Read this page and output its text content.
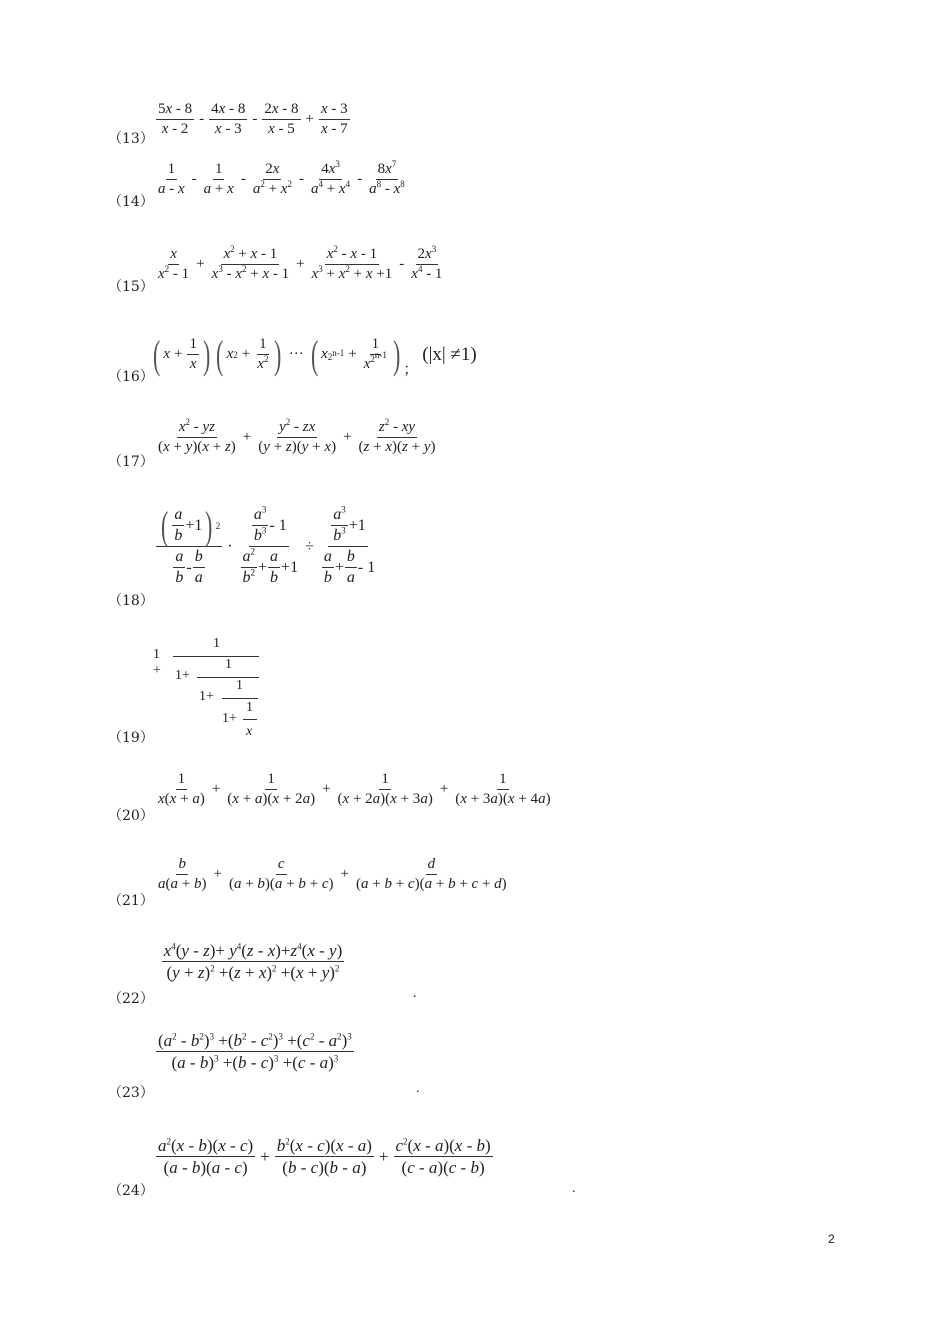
（13）
5x - 8
x - 2
-
4x - 8
x - 3
-
2x - 8
x - 5
+ $\frac{x - 3}{x - 7}$
（14）
1
a - x
-
1
a + x
-
2x
$a^2 + x^2$ -
$4x^3$
$a^4 + x^4$ -
$8x^7$
$a^8 - x^8$
（15）
x
$x^2 - 1$
+ $\frac{x^2 + x - 1}{x^3 - x^2 + x - 1} + \frac{x^2 - x - 1}{x^3 + x^2 + x +1}$ -
$2x^3$
$x^4 - 1$
（16）
( $x + \frac{1}{x}$ ) ( x $2 + \frac{1}{x^2}$ ) ··· ( x $2^{n-1} + \frac{1}{x^{2^{n-1}}}$ ) ；
(|x| ≠1)
（17）
$x^2$ - yz
(x + y)(x + z)
+ $\frac{y^2 - zx}{(y + z)(y + x)} + \frac{z^2 - xy}{(z + x)(z + y)}$
（18）
( a
b
+1 ) 2
a
b
-
b
a
· $a^3$
$b^3 - 1$
$a^2$
$b^2$ +
a
b
$+1 \div a^3$
$b^3 +1$
a
b
+
b
a
- 1
（19）
1 +
1
1+
1
1+
1
1+
1
x
（20）
1
x(x + a)
+ $\frac{1}{(x + a)(x + 2a)} + \frac{1}{(x + 2a)(x + 3a)} + \frac{1}{(x + 3a)(x + 4a)}$
（21）
b
a(a + b)
+ $\frac{c}{(a + b)(a + b + c)} + \frac{d}{(a + b + c)(a + b + c + d)}$
（22）
$x^4(y - z)+ y^4(z - x)+z^4(x - y)$
$(y + z)^2 +(z + x)^2 +(x + y)^2$
.
（23）
$(a^2 - b^2)^3 +(b^2 - c^2)^3 +(c^2 - a^2)^3$
(a - b)$^3$ +(b - c)$^3$ +(c - a)$^3$
.
（24）
$a^2(x - b)(x - c)$
(a - b)(a - c)
+ $\frac{b^2(x - c)(x - a)}{(b - c)(b - a)} + \frac{c^2(x - a)(x - b)}{(c - a)(c - b)}$
.
2
